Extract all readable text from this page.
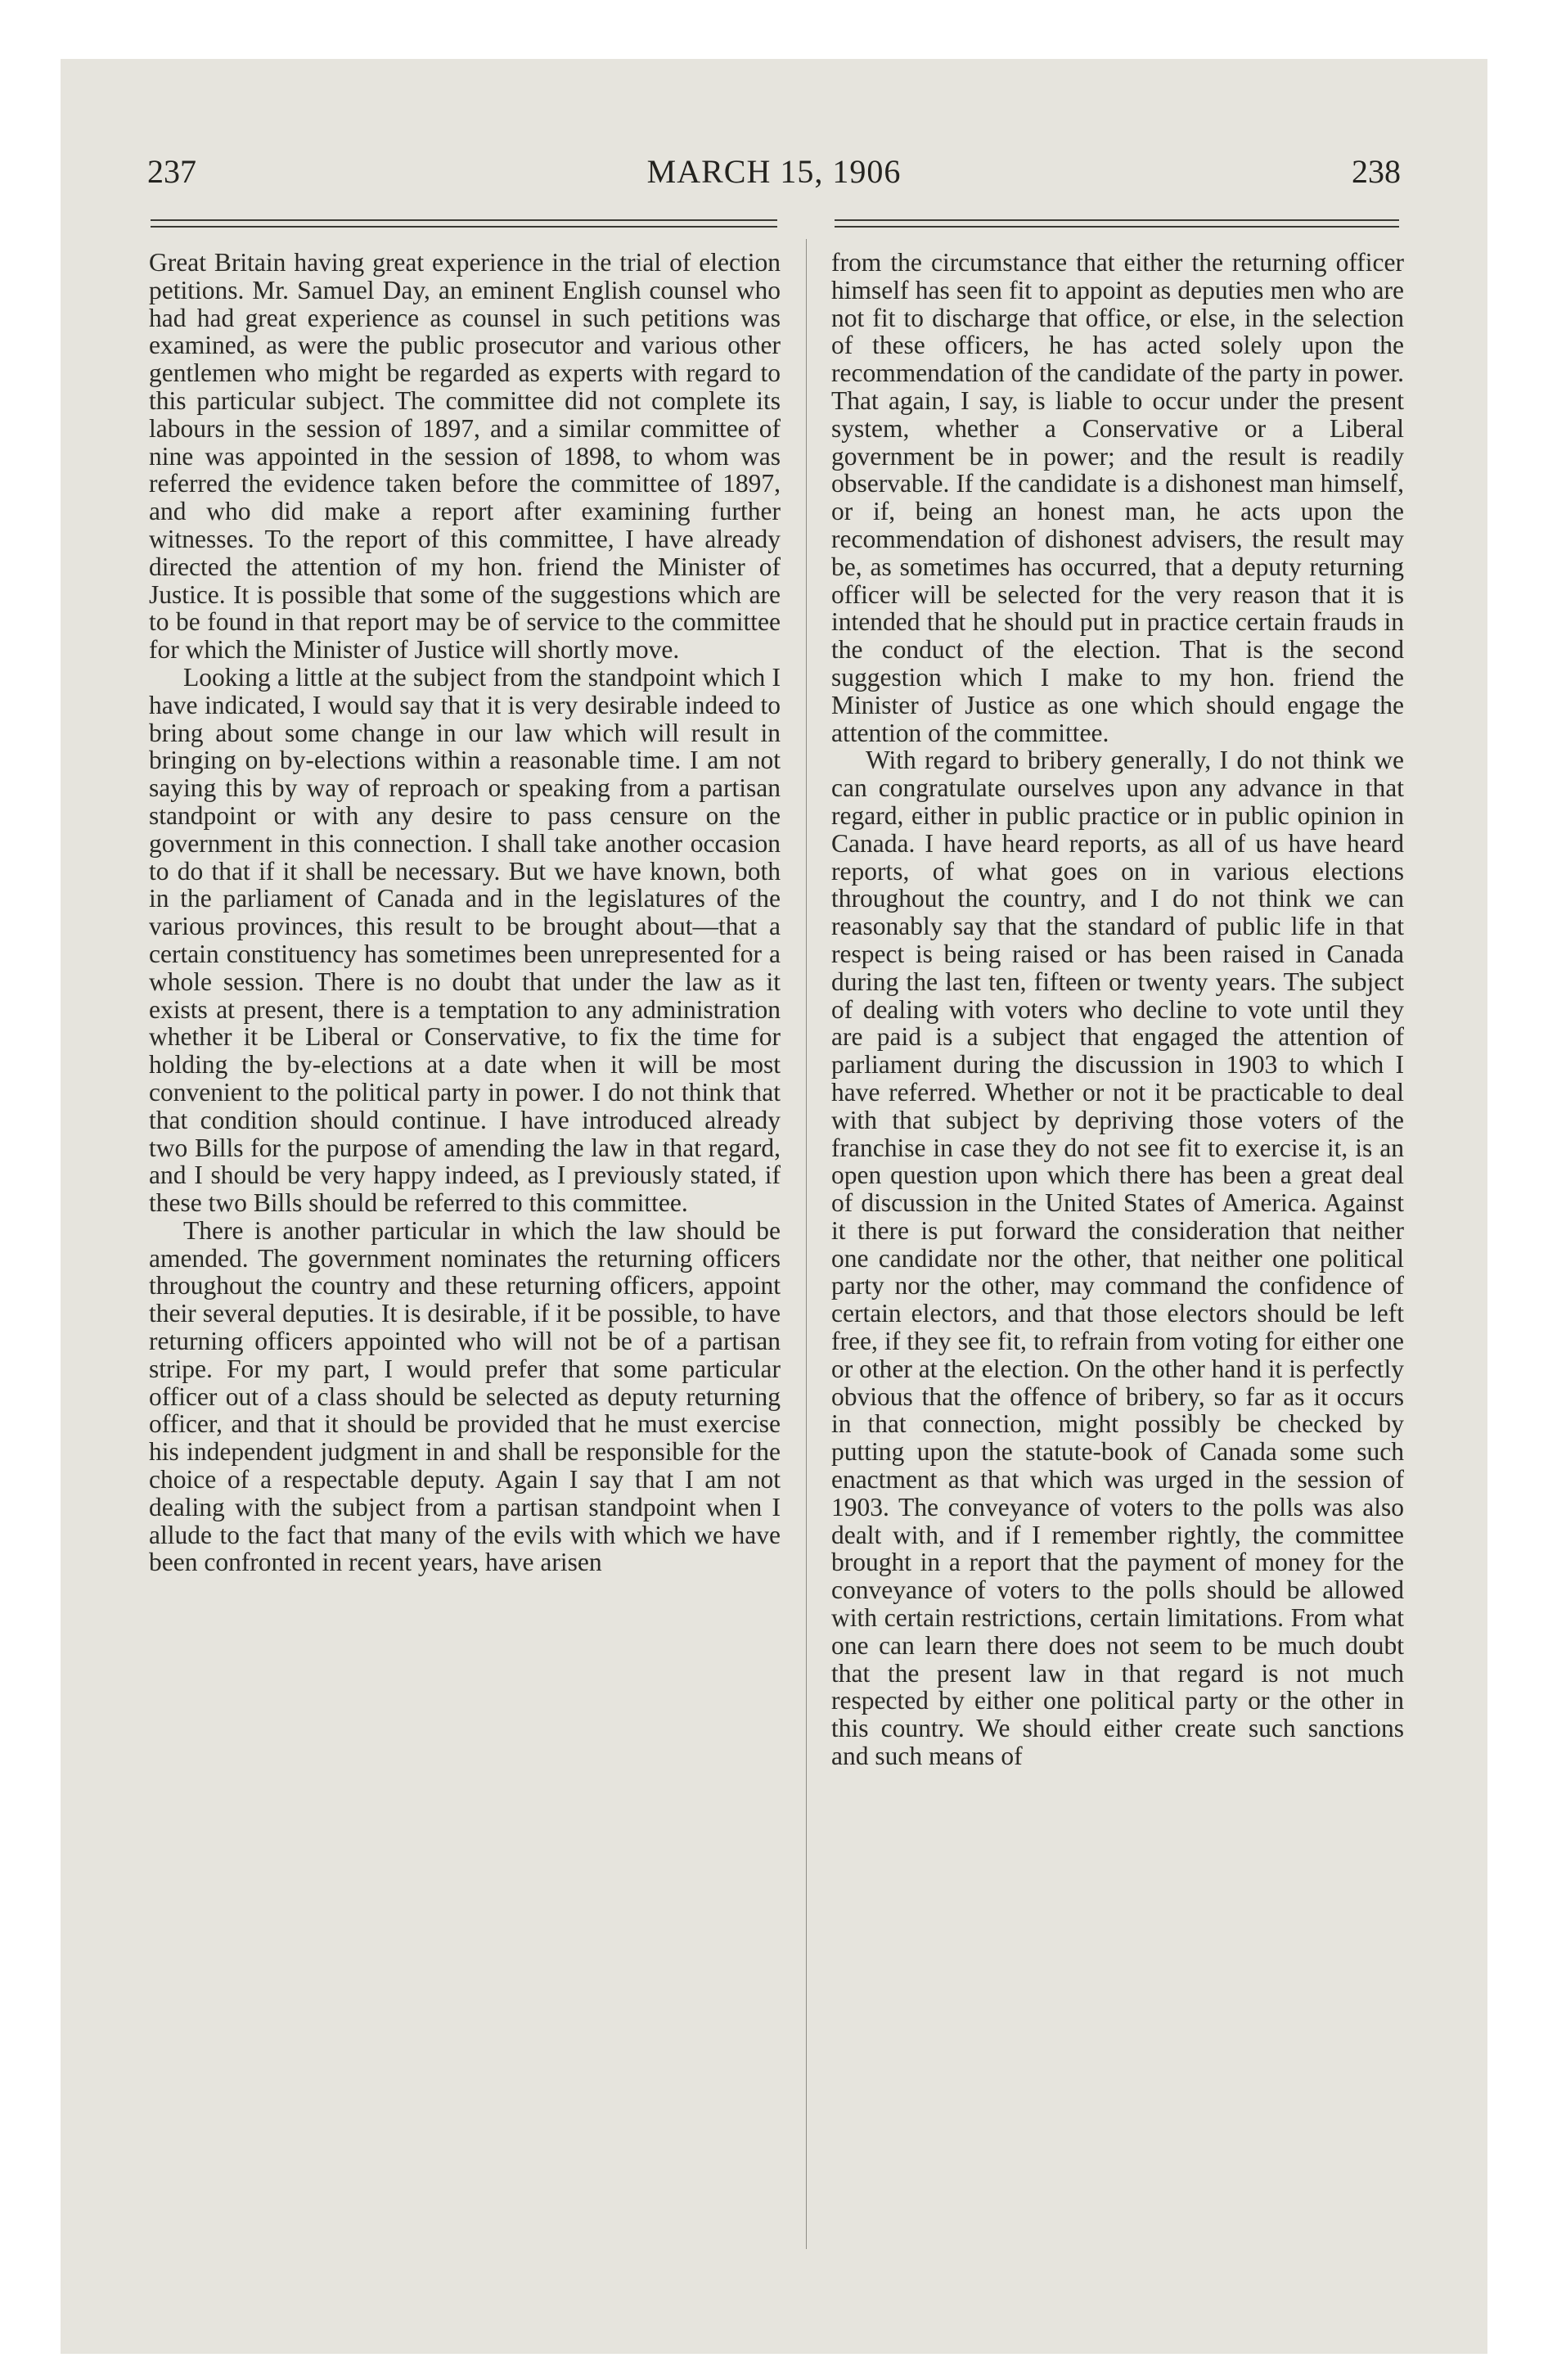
237	MARCH 15, 1906	238

Great Britain having great experience in the trial of election petitions. Mr. Samuel Day, an eminent English counsel who had had great experience as counsel in such petitions was examined, as were the public prosecutor and various other gentlemen who might be regarded as experts with regard to this particular subject. The committee did not complete its labours in the session of 1897, and a similar committee of nine was appointed in the session of 1898, to whom was referred the evidence taken before the committee of 1897, and who did make a report after examining further witnesses. To the report of this committee, I have already directed the attention of my hon. friend the Minister of Justice. It is possible that some of the suggestions which are to be found in that report may be of service to the committee for which the Minister of Justice will shortly move.

Looking a little at the subject from the standpoint which I have indicated, I would say that it is very desirable indeed to bring about some change in our law which will result in bringing on by-elections within a reasonable time. I am not saying this by way of reproach or speaking from a partisan standpoint or with any desire to pass censure on the government in this connection. I shall take another occasion to do that if it shall be necessary. But we have known, both in the parliament of Canada and in the legislatures of the various provinces, this result to be brought about—that a certain constituency has sometimes been unrepresented for a whole session. There is no doubt that under the law as it exists at present, there is a temptation to any administration whether it be Liberal or Conservative, to fix the time for holding the by-elections at a date when it will be most convenient to the political party in power. I do not think that that condition should continue. I have introduced already two Bills for the purpose of amending the law in that regard, and I should be very happy indeed, as I previously stated, if these two Bills should be referred to this committee.

There is another particular in which the law should be amended. The government nominates the returning officers throughout the country and these returning officers, appoint their several deputies. It is desirable, if it be possible, to have returning officers appointed who will not be of a partisan stripe. For my part, I would prefer that some particular officer out of a class should be selected as deputy returning officer, and that it should be provided that he must exercise his independent judgment in and shall be responsible for the choice of a respectable deputy. Again I say that I am not dealing with the subject from a partisan standpoint when I allude to the fact that many of the evils with which we have been confronted in recent years, have arisen

from the circumstance that either the returning officer himself has seen fit to appoint as deputies men who are not fit to discharge that office, or else, in the selection of these officers, he has acted solely upon the recommendation of the candidate of the party in power. That again, I say, is liable to occur under the present system, whether a Conservative or a Liberal government be in power; and the result is readily observable. If the candidate is a dishonest man himself, or if, being an honest man, he acts upon the recommendation of dishonest advisers, the result may be, as sometimes has occurred, that a deputy returning officer will be selected for the very reason that it is intended that he should put in practice certain frauds in the conduct of the election. That is the second suggestion which I make to my hon. friend the Minister of Justice as one which should engage the attention of the committee.

With regard to bribery generally, I do not think we can congratulate ourselves upon any advance in that regard, either in public practice or in public opinion in Canada. I have heard reports, as all of us have heard reports, of what goes on in various elections throughout the country, and I do not think we can reasonably say that the standard of public life in that respect is being raised or has been raised in Canada during the last ten, fifteen or twenty years. The subject of dealing with voters who decline to vote until they are paid is a subject that engaged the attention of parliament during the discussion in 1903 to which I have referred. Whether or not it be practicable to deal with that subject by depriving those voters of the franchise in case they do not see fit to exercise it, is an open question upon which there has been a great deal of discussion in the United States of America. Against it there is put forward the consideration that neither one candidate nor the other, that neither one political party nor the other, may command the confidence of certain electors, and that those electors should be left free, if they see fit, to refrain from voting for either one or other at the election. On the other hand it is perfectly obvious that the offence of bribery, so far as it occurs in that connection, might possibly be checked by putting upon the statute-book of Canada some such enactment as that which was urged in the session of 1903. The conveyance of voters to the polls was also dealt with, and if I remember rightly, the committee brought in a report that the payment of money for the conveyance of voters to the polls should be allowed with certain restrictions, certain limitations. From what one can learn there does not seem to be much doubt that the present law in that regard is not much respected by either one political party or the other in this country. We should either create such sanctions and such means of
